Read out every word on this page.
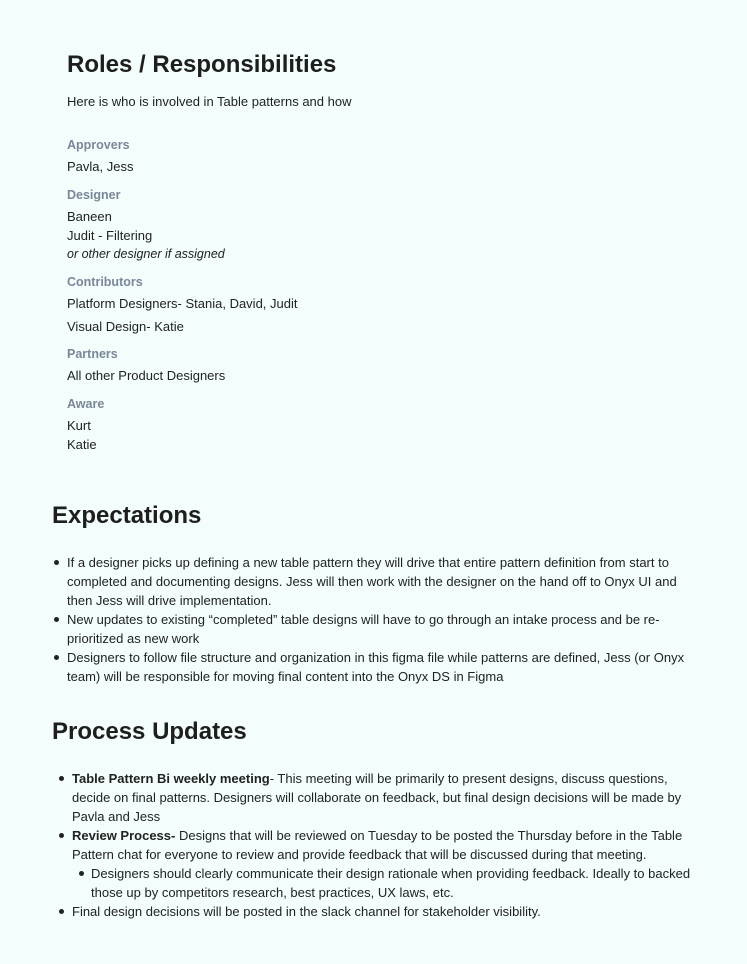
Roles / Responsibilities
Here is who is involved in Table patterns and how
Approvers
Pavla, Jess
Designer
Baneen
Judit - Filtering
or other designer if assigned
Contributors
Platform Designers- Stania, David, Judit
Visual Design- Katie
Partners
All other Product Designers
Aware
Kurt
Katie
Expectations
If a designer picks up defining a new table pattern they will drive that entire pattern definition from start to completed and documenting designs. Jess will then work with the designer on the hand off to Onyx UI and then Jess will drive implementation.
New updates to existing “completed” table designs will have to go through an intake process and be re-prioritized as new work
Designers to follow file structure and organization in this figma file while patterns are defined, Jess (or Onyx team) will be responsible for moving final content into the Onyx DS in Figma
Process Updates
Table Pattern Bi weekly meeting- This meeting will be primarily to present designs, discuss questions, decide on final patterns. Designers will collaborate on feedback, but final design decisions will be made by Pavla and Jess
Review Process- Designs that will be reviewed on Tuesday to be posted the Thursday before in the Table Pattern chat for everyone to review and provide feedback that will be discussed during that meeting.
Designers should clearly communicate their design rationale when providing feedback. Ideally to backed those up by competitors research, best practices, UX laws, etc.
Final design decisions will be posted in the slack channel for stakeholder visibility.
